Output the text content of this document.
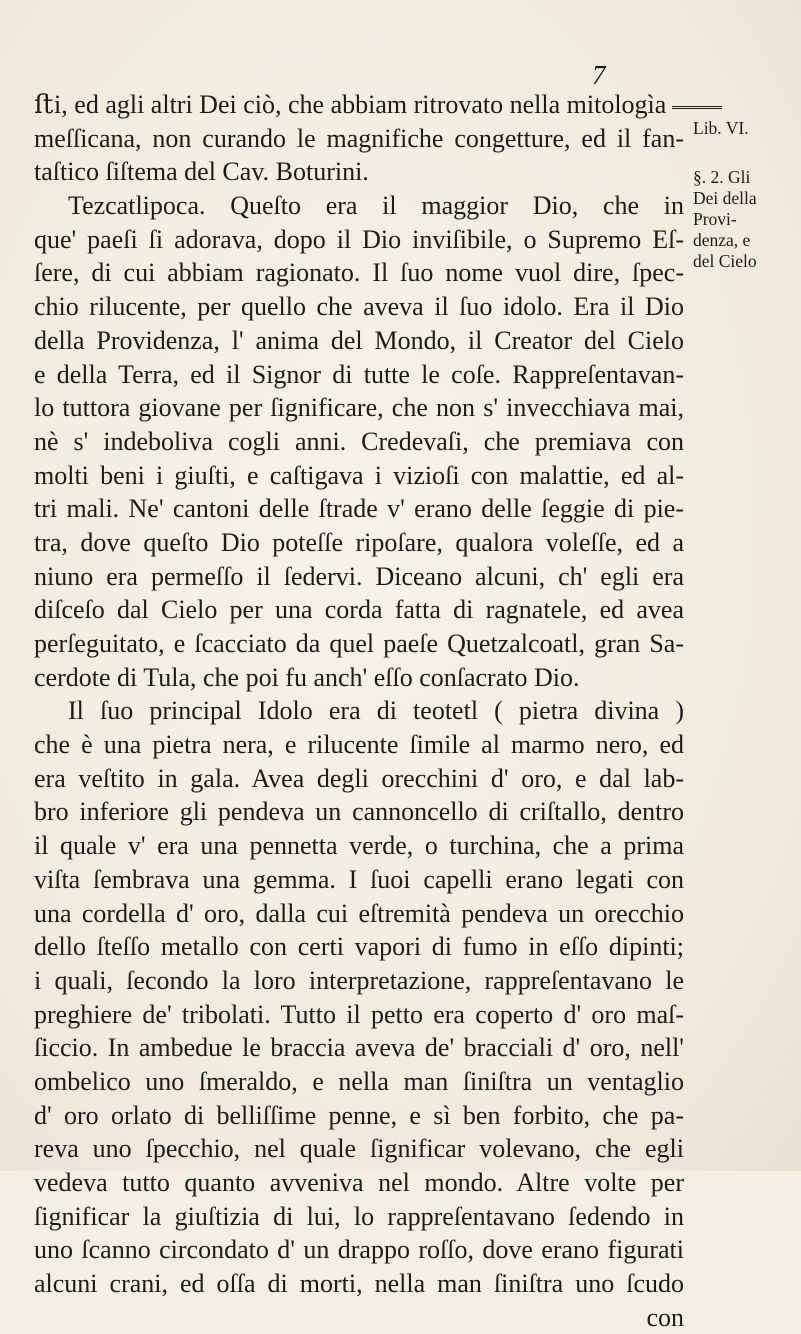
7
ﬅi, ed agli altri Dei ciò, che abbiam ritrovato nella mitologìa
meſſicana, non curando le magnifiche congetture, ed il fan-
taſtico ſiſtema del Cav. Boturini.
Tezcatlipoca. Queſto era il maggior Dio, che in
que' paeſi ſi adorava, dopo il Dio inviſibile, o Supremo Eſ-
ſere, di cui abbiam ragionato. Il ſuo nome vuol dire, ſpec-
chio rilucente, per quello che aveva il ſuo idolo. Era il Dio
della Providenza, l' anima del Mondo, il Creator del Cielo
e della Terra, ed il Signor di tutte le coſe. Rappreſentavan-
lo tuttora giovane per ſignificare, che non s' invecchiava mai,
nè s' indeboliva cogli anni. Credevaſi, che premiava con
molti beni i giuſti, e caſtigava i vizioſi con malattie, ed al-
tri mali. Ne' cantoni delle ſtrade v' erano delle ſeggie di pie-
tra, dove queſto Dio poteſſe ripoſare, qualora voleſſe, ed a
niuno era permeſſo il ſedervi. Diceano alcuni, ch' egli era
diſceſo dal Cielo per una corda fatta di ragnatele, ed avea
perſeguitato, e ſcacciato da quel paeſe Quetzalcoatl, gran Sa-
cerdote di Tula, che poi fu anch' eſſo conſacrato Dio.
Il ſuo principal Idolo era di teotetl ( pietra divina )
che è una pietra nera, e rilucente ſimile al marmo nero, ed
era veſtito in gala. Avea degli orecchini d' oro, e dal lab-
bro inferiore gli pendeva un cannoncello di criſtallo, dentro
il quale v' era una pennetta verde, o turchina, che a prima
viſta ſembrava una gemma. I ſuoi capelli erano legati con
una cordella d' oro, dalla cui eſtremità pendeva un orecchio
dello ſteſſo metallo con certi vapori di fumo in eſſo dipinti;
i quali, ſecondo la loro interpretazione, rappreſentavano le
preghiere de' tribolati. Tutto il petto era coperto d' oro maſ-
ſiccio. In ambedue le braccia aveva de' bracciali d' oro, nell'
ombelico uno ſmeraldo, e nella man ſiniſtra un ventaglio
d' oro orlato di belliſſime penne, e sì ben forbito, che pa-
reva uno ſpecchio, nel quale ſignificar volevano, che egli
vedeva tutto quanto avveniva nel mondo. Altre volte per
ſignificar la giuſtizia di lui, lo rappreſentavano ſedendo in
uno ſcanno circondato d' un drappo roſſo, dove erano figurati
alcuni crani, ed oſſa di morti, nella man ſiniſtra uno ſcudo
con
Lib. VI.
§. 2. Gli
Dei della
Provi-
denza, e
del Cielo
